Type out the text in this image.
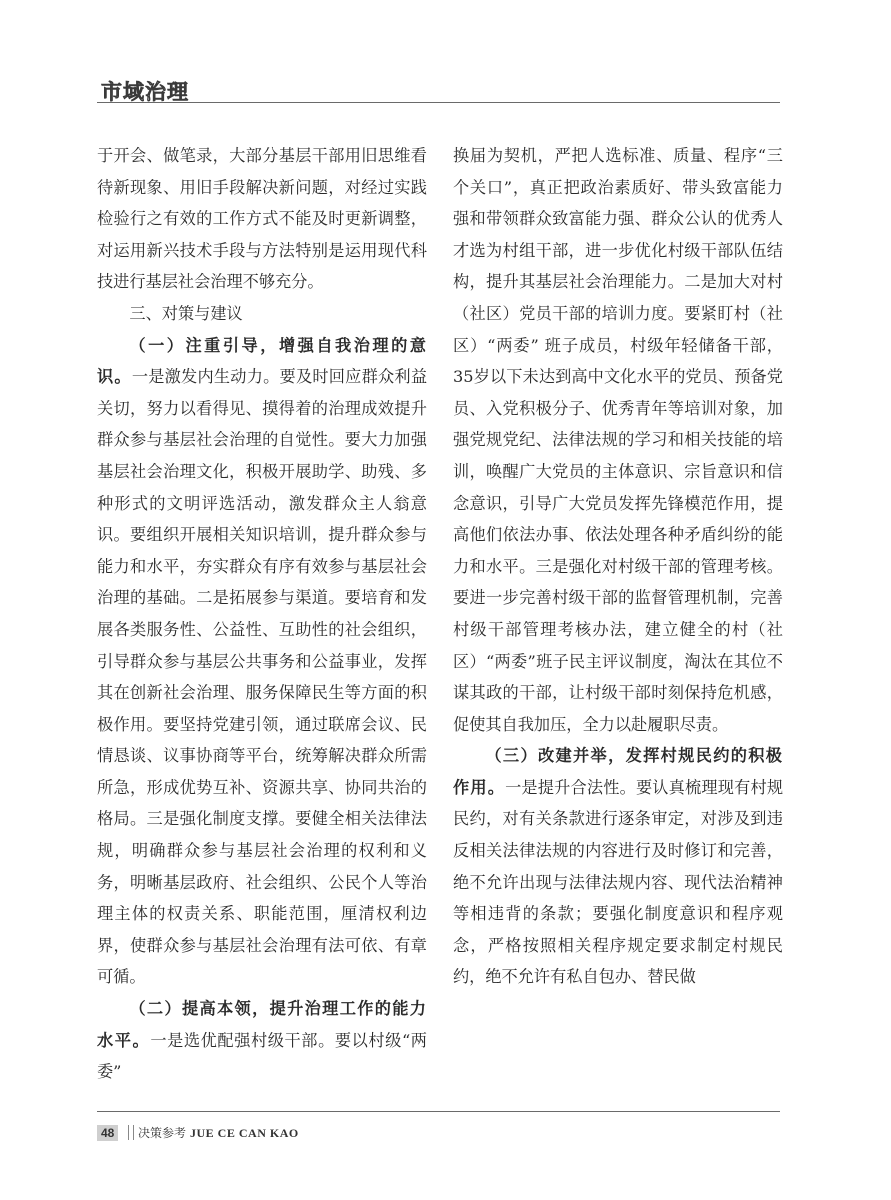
市域治理

于开会、做笔录，大部分基层干部用旧思维看待新现象、用旧手段解决新问题，对经过实践检验行之有效的工作方式不能及时更新调整，对运用新兴技术手段与方法特别是运用现代科技进行基层社会治理不够充分。

三、对策与建议

（一）注重引导，增强自我治理的意识。一是激发内生动力。要及时回应群众利益关切，努力以看得见、摸得着的治理成效提升群众参与基层社会治理的自觉性。要大力加强基层社会治理文化，积极开展助学、助残、多种形式的文明评选活动，激发群众主人翁意识。要组织开展相关知识培训，提升群众参与能力和水平，夯实群众有序有效参与基层社会治理的基础。二是拓展参与渠道。要培育和发展各类服务性、公益性、互助性的社会组织，引导群众参与基层公共事务和公益事业，发挥其在创新社会治理、服务保障民生等方面的积极作用。要坚持党建引领，通过联席会议、民情恳谈、议事协商等平台，统筹解决群众所需所急，形成优势互补、资源共享、协同共治的格局。三是强化制度支撑。要健全相关法律法规，明确群众参与基层社会治理的权利和义务，明晰基层政府、社会组织、公民个人等治理主体的权责关系、职能范围，厘清权利边界，使群众参与基层社会治理有法可依、有章可循。

（二）提高本领，提升治理工作的能力水平。一是选优配强村级干部。要以村级“两委”

换届为契机，严把人选标准、质量、程序“三个关口”，真正把政治素质好、带头致富能力强和带领群众致富能力强、群众公认的优秀人才选为村组干部，进一步优化村级干部队伍结构，提升其基层社会治理能力。二是加大对村（社区）党员干部的培训力度。要紧盯村（社区）“两委” 班子成员，村级年轻储备干部，35岁以下未达到高中文化水平的党员、预备党员、入党积极分子、优秀青年等培训对象，加强党规党纪、法律法规的学习和相关技能的培训，唤醒广大党员的主体意识、宗旨意识和信念意识，引导广大党员发挥先锋模范作用，提高他们依法办事、依法处理各种矛盾纠纷的能力和水平。三是强化对村级干部的管理考核。要进一步完善村级干部的监督管理机制，完善村级干部管理考核办法，建立健全的村（社区）“两委”班子民主评议制度，淘汰在其位不谋其政的干部，让村级干部时刻保持危机感，促使其自我加压，全力以赴履职尽责。

（三）改建并举，发挥村规民约的积极作用。一是提升合法性。要认真梳理现有村规民约，对有关条款进行逐条审定，对涉及到违反相关法律法规的内容进行及时修订和完善，绝不允许出现与法律法规内容、现代法治精神等相违背的条款；要强化制度意识和程序观念，严格按照相关程序规定要求制定村规民约，绝不允许有私自包办、替民做

48	决策参考 JUE CE CAN KAO
